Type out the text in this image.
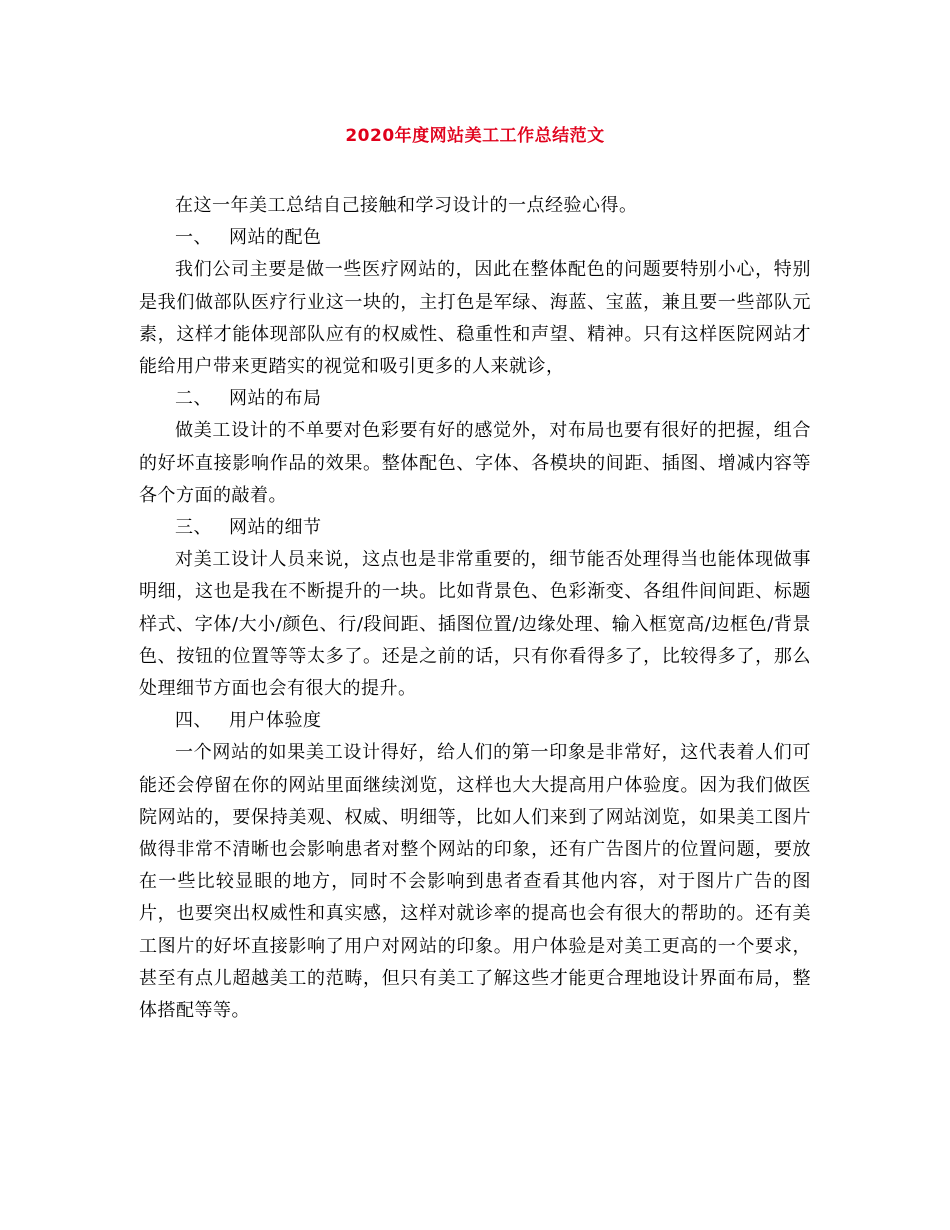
2020年度网站美工工作总结范文

在这一年美工总结自己接触和学习设计的一点经验心得。

一、 网站的配色

我们公司主要是做一些医疗网站的，因此在整体配色的问题要特别小心，特别是我们做部队医疗行业这一块的，主打色是军绿、海蓝、宝蓝，兼且要一些部队元素，这样才能体现部队应有的权威性、稳重性和声望、精神。只有这样医院网站才能给用户带来更踏实的视觉和吸引更多的人来就诊，

二、 网站的布局

做美工设计的不单要对色彩要有好的感觉外，对布局也要有很好的把握，组合的好坏直接影响作品的效果。整体配色、字体、各模块的间距、插图、增减内容等各个方面的敲着。

三、 网站的细节

对美工设计人员来说，这点也是非常重要的，细节能否处理得当也能体现做事明细，这也是我在不断提升的一块。比如背景色、色彩渐变、各组件间间距、标题样式、字体/大小/颜色、行/段间距、插图位置/边缘处理、输入框宽高/边框色/背景色、按钮的位置等等太多了。还是之前的话，只有你看得多了，比较得多了，那么处理细节方面也会有很大的提升。

四、 用户体验度

一个网站的如果美工设计得好，给人们的第一印象是非常好，这代表着人们可能还会停留在你的网站里面继续浏览，这样也大大提高用户体验度。因为我们做医院网站的，要保持美观、权威、明细等，比如人们来到了网站浏览，如果美工图片做得非常不清晰也会影响患者对整个网站的印象，还有广告图片的位置问题，要放在一些比较显眼的地方，同时不会影响到患者查看其他内容，对于图片广告的图片，也要突出权威性和真实感，这样对就诊率的提高也会有很大的帮助的。还有美工图片的好坏直接影响了用户对网站的印象。用户体验是对美工更高的一个要求，甚至有点儿超越美工的范畴，但只有美工了解这些才能更合理地设计界面布局，整体搭配等等。
